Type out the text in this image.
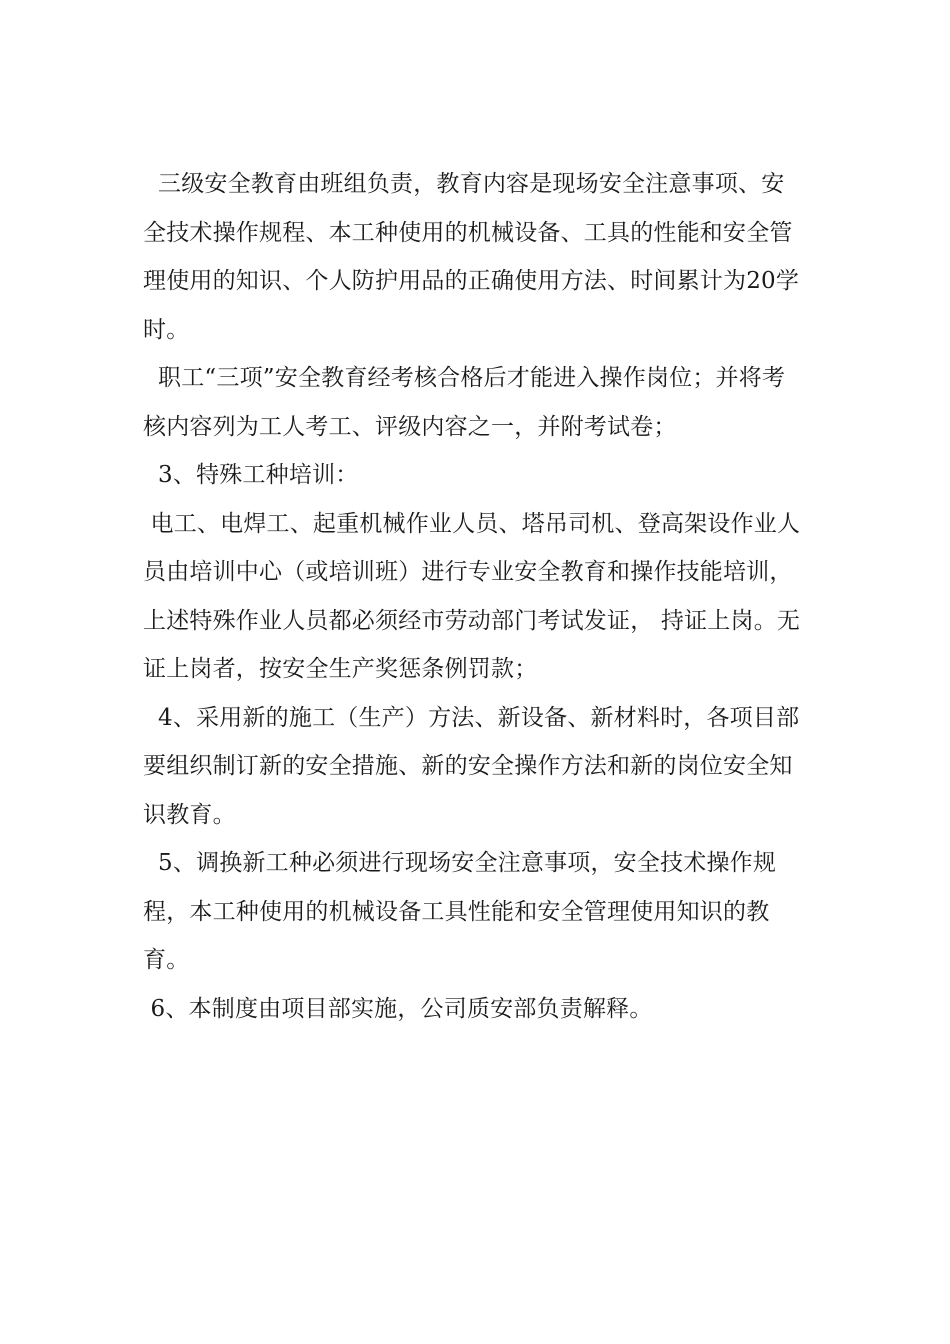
三级安全教育由班组负责，教育内容是现场安全注意事项、安全技术操作规程、本工种使用的机械设备、工具的性能和安全管理使用的知识、个人防护用品的正确使用方法、时间累计为20学时。

职工“三项”安全教育经考核合格后才能进入操作岗位；并将考核内容列为工人考工、评级内容之一，并附考试卷；

3、特殊工种培训：

电工、电焊工、起重机械作业人员、塔吊司机、登高架设作业人员由培训中心（或培训班）进行专业安全教育和操作技能培训，上述特殊作业人员都必须经市劳动部门考试发证， 持证上岗。无证上岗者，按安全生产奖惩条例罚款；

4、采用新的施工（生产）方法、新设备、新材料时，各项目部要组织制订新的安全措施、新的安全操作方法和新的岗位安全知识教育。

5、调换新工种必须进行现场安全注意事项，安全技术操作规程，本工种使用的机械设备工具性能和安全管理使用知识的教育。

6、本制度由项目部实施，公司质安部负责解释。
